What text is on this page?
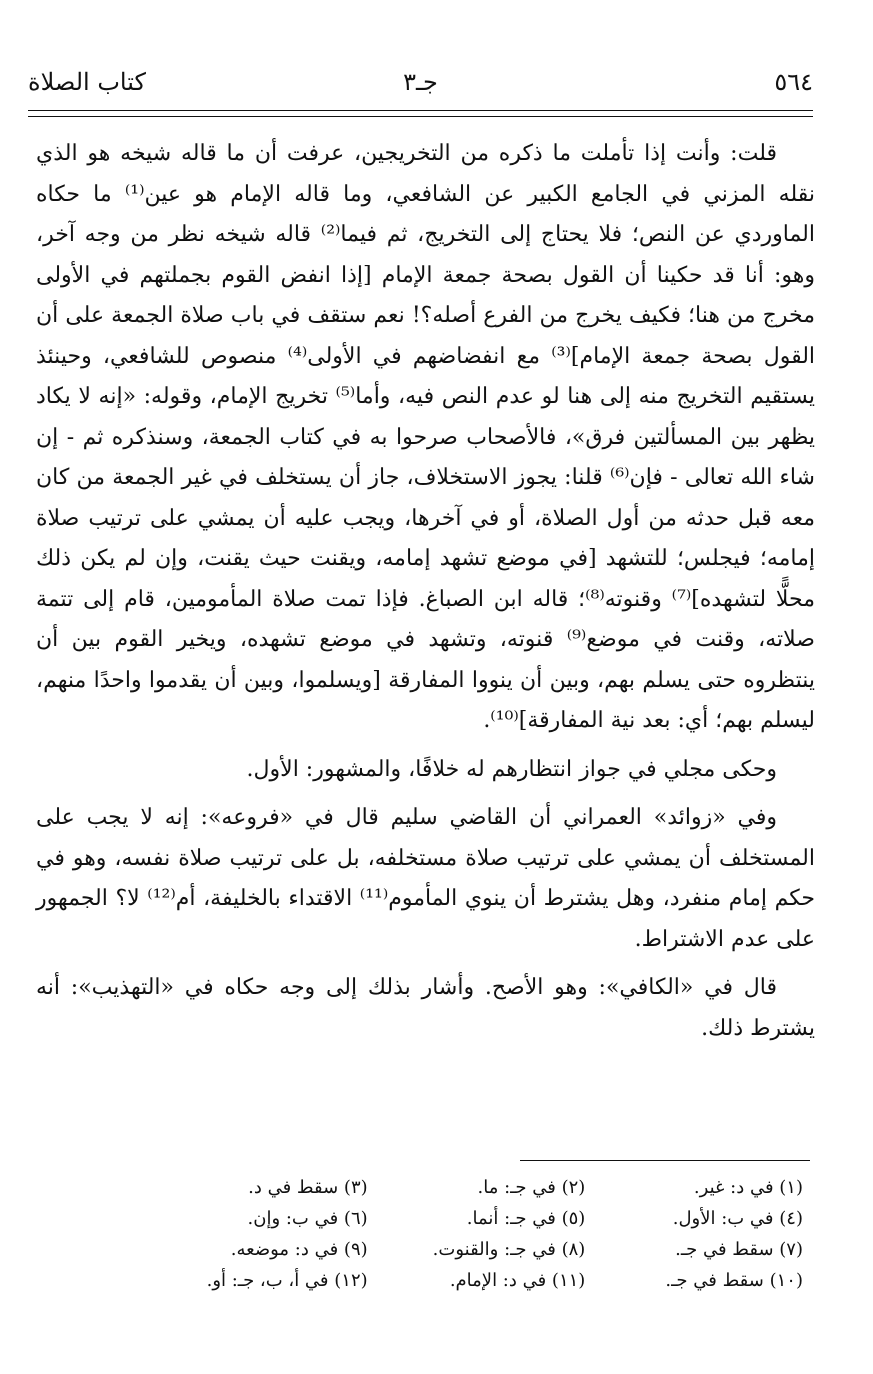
٥٦٤
جـ٣
كتاب الصلاة

قلت: وأنت إذا تأملت ما ذكره من التخريجين، عرفت أن ما قاله شيخه هو الذي نقله المزني في الجامع الكبير عن الشافعي، وما قاله الإمام هو عين⁽¹⁾ ما حكاه الماوردي عن النص؛ فلا يحتاج إلى التخريج، ثم فيما⁽²⁾ قاله شيخه نظر من وجه آخر، وهو: أنا قد حكينا أن القول بصحة جمعة الإمام [إذا انفض القوم بجملتهم في الأولى مخرج من هنا؛ فكيف يخرج من الفرع أصله؟! نعم ستقف في باب صلاة الجمعة على أن القول بصحة جمعة الإمام]⁽³⁾ مع انفضاضهم في الأولى⁽⁴⁾ منصوص للشافعي، وحينئذ يستقيم التخريج منه إلى هنا لو عدم النص فيه، وأما⁽⁵⁾ تخريج الإمام، وقوله: «إنه لا يكاد يظهر بين المسألتين فرق»، فالأصحاب صرحوا به في كتاب الجمعة، وسنذكره ثم - إن شاء الله تعالى - فإن⁽⁶⁾ قلنا: يجوز الاستخلاف، جاز أن يستخلف في غير الجمعة من كان معه قبل حدثه من أول الصلاة، أو في آخرها، ويجب عليه أن يمشي على ترتيب صلاة إمامه؛ فيجلس؛ للتشهد [في موضع تشهد إمامه، ويقنت حيث يقنت، وإن لم يكن ذلك محلًّا لتشهده]⁽⁷⁾ وقنوته⁽⁸⁾؛ قاله ابن الصباغ. فإذا تمت صلاة المأمومين، قام إلى تتمة صلاته، وقنت في موضع⁽⁹⁾ قنوته، وتشهد في موضع تشهده، ويخير القوم بين أن ينتظروه حتى يسلم بهم، وبين أن ينووا المفارقة [ويسلموا، وبين أن يقدموا واحدًا منهم، ليسلم بهم؛ أي: بعد نية المفارقة]⁽¹⁰⁾.

وحكى مجلي في جواز انتظارهم له خلافًا، والمشهور: الأول.

وفي «زوائد» العمراني أن القاضي سليم قال في «فروعه»: إنه لا يجب على المستخلف أن يمشي على ترتيب صلاة مستخلفه، بل على ترتيب صلاة نفسه، وهو في حكم إمام منفرد، وهل يشترط أن ينوي المأموم⁽¹¹⁾ الاقتداء بالخليفة، أم⁽¹²⁾ لا؟ الجمهور على عدم الاشتراط.

قال في «الكافي»: وهو الأصح. وأشار بذلك إلى وجه حكاه في «التهذيب»: أنه يشترط ذلك.

(١) في د: غير.
(٢) في جـ: ما.
(٣) سقط في د.
(٤) في ب: الأول.
(٥) في جـ: أنما.
(٦) في ب: وإن.
(٧) سقط في جـ.
(٨) في جـ: والقنوت.
(٩) في د: موضعه.
(١٠) سقط في جـ.
(١١) في د: الإمام.
(١٢) في أ، ب، جـ: أو.
